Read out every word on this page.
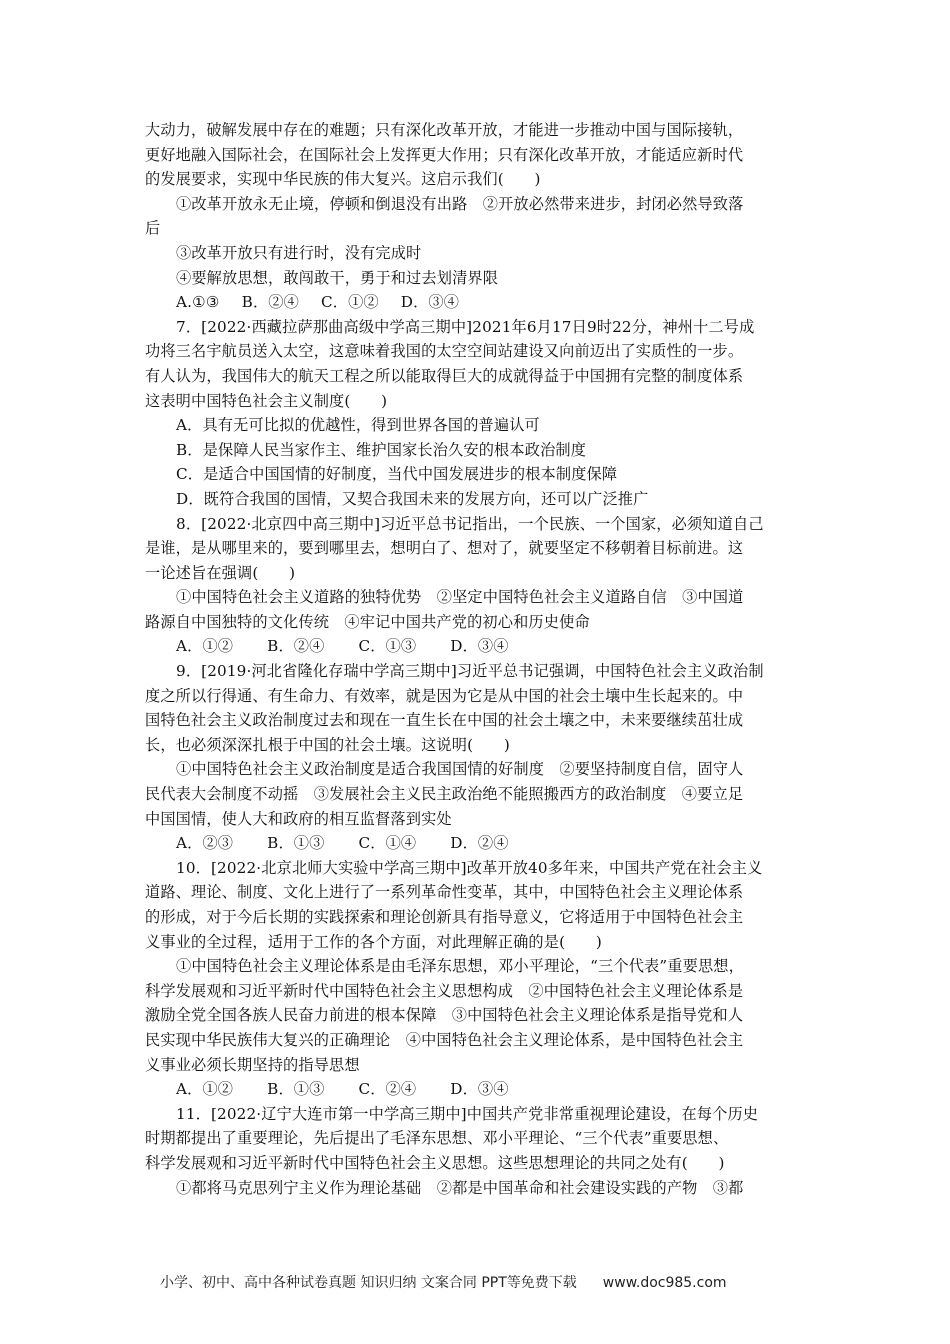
大动力，破解发展中存在的难题；只有深化改革开放，才能进一步推动中国与国际接轨，
更好地融入国际社会，在国际社会上发挥更大作用；只有深化改革开放，才能适应新时代
的发展要求，实现中华民族的伟大复兴。这启示我们(　　)
①改革开放永无止境，停顿和倒退没有出路　②开放必然带来进步，封闭必然导致落
后
③改革开放只有进行时，没有完成时
④要解放思想，敢闯敢干，勇于和过去划清界限
A.①③ B．②④ C．①② D．③④
7．[2022·西藏拉萨那曲高级中学高三期中]2021年6月17日9时22分，神州十二号成
功将三名宇航员送入太空，这意味着我国的太空空间站建设又向前迈出了实质性的一步。
有人认为，我国伟大的航天工程之所以能取得巨大的成就得益于中国拥有完整的制度体系
这表明中国特色社会主义制度(　　)
A．具有无可比拟的优越性，得到世界各国的普遍认可
B．是保障人民当家作主、维护国家长治久安的根本政治制度
C．是适合中国国情的好制度，当代中国发展进步的根本制度保障
D．既符合我国的国情，又契合我国未来的发展方向，还可以广泛推广
8．[2022·北京四中高三期中]习近平总书记指出，一个民族、一个国家，必须知道自己
是谁，是从哪里来的，要到哪里去，想明白了、想对了，就要坚定不移朝着目标前进。这
一论述旨在强调(　　)
①中国特色社会主义道路的独特优势　②坚定中国特色社会主义道路自信　③中国道
路源自中国独特的文化传统　④牢记中国共产党的初心和历史使命
A．①② B．②④ C．①③ D．③④
9．[2019·河北省隆化存瑞中学高三期中]习近平总书记强调，中国特色社会主义政治制
度之所以行得通、有生命力、有效率，就是因为它是从中国的社会土壤中生长起来的。中
国特色社会主义政治制度过去和现在一直生长在中国的社会土壤之中，未来要继续茁壮成
长，也必须深深扎根于中国的社会土壤。这说明(　　)
①中国特色社会主义政治制度是适合我国国情的好制度　②要坚持制度自信，固守人
民代表大会制度不动摇　③发展社会主义民主政治绝不能照搬西方的政治制度　④要立足
中国国情，使人大和政府的相互监督落到实处
A．②③ B．①③ C．①④ D．②④
10．[2022·北京北师大实验中学高三期中]改革开放40多年来，中国共产党在社会主义
道路、理论、制度、文化上进行了一系列革命性变革，其中，中国特色社会主义理论体系
的形成，对于今后长期的实践探索和理论创新具有指导意义，它将适用于中国特色社会主
义事业的全过程，适用于工作的各个方面，对此理解正确的是(　　)
①中国特色社会主义理论体系是由毛泽东思想，邓小平理论，“三个代表”重要思想，
科学发展观和习近平新时代中国特色社会主义思想构成　②中国特色社会主义理论体系是
激励全党全国各族人民奋力前进的根本保障　③中国特色社会主义理论体系是指导党和人
民实现中华民族伟大复兴的正确理论　④中国特色社会主义理论体系，是中国特色社会主
义事业必须长期坚持的指导思想
A．①② B．①③ C．②④ D．③④
11．[2022·辽宁大连市第一中学高三期中]中国共产党非常重视理论建设，在每个历史
时期都提出了重要理论，先后提出了毛泽东思想、邓小平理论、“三个代表”重要思想、
科学发展观和习近平新时代中国特色社会主义思想。这些思想理论的共同之处有(　　)
①都将马克思列宁主义作为理论基础　②都是中国革命和社会建设实践的产物　③都
小学、初中、高中各种试卷真题 知识归纳 文案合同 PPT等免费下载 www.doc985.com
